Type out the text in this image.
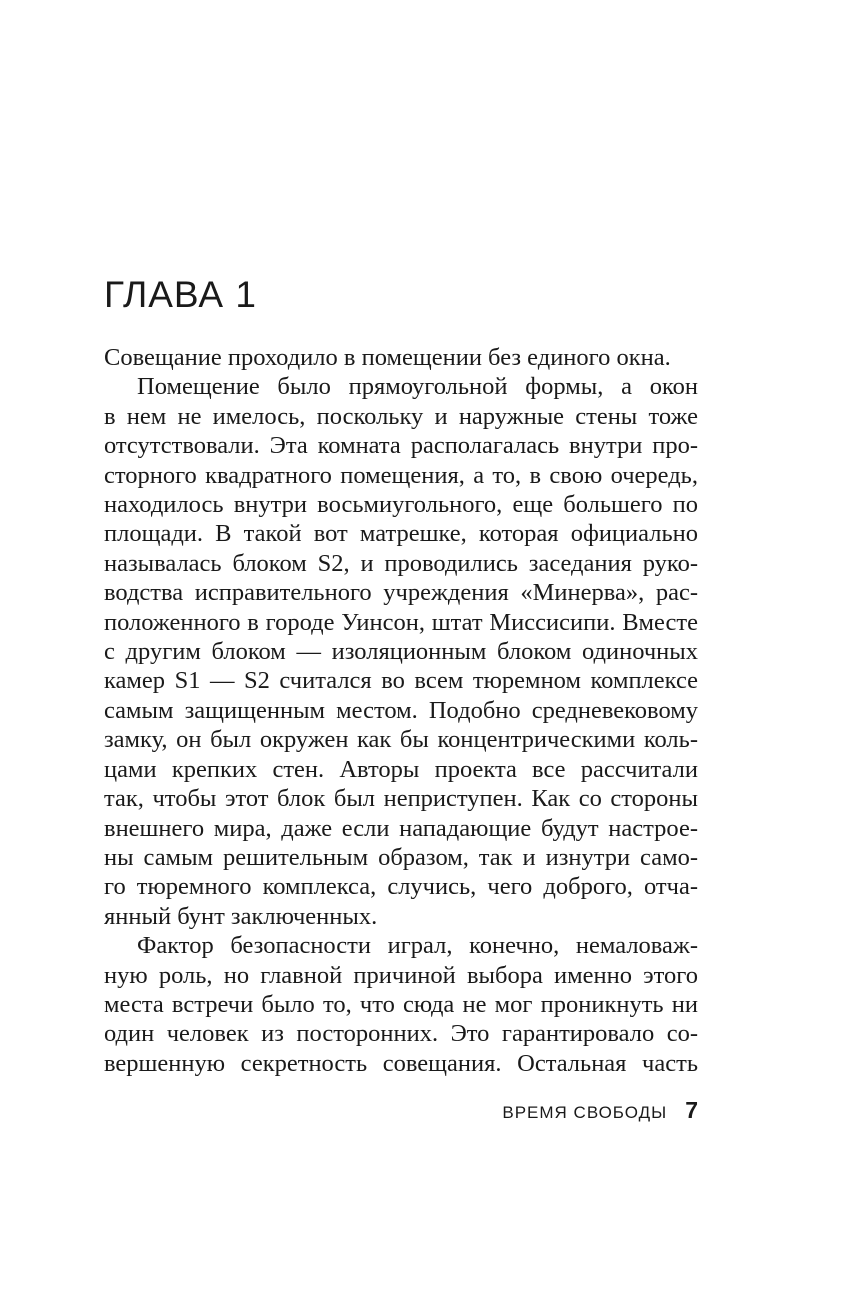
ГЛАВА 1

Совещание проходило в помещении без единого окна.

Помещение было прямоугольной формы, а окон
в нем не имелось, поскольку и наружные стены тоже
отсутствовали. Эта комната располагалась внутри про-
сторного квадратного помещения, а то, в свою очередь,
находилось внутри восьмиугольного, еще большего по
площади. В такой вот матрешке, которая официально
называлась блоком S2, и проводились заседания руко-
водства исправительного учреждения «Минерва», рас-
положенного в городе Уинсон, штат Миссисипи. Вместе
с другим блоком — изоляционным блоком одиночных
камер S1 — S2 считался во всем тюремном комплексе
самым защищенным местом. Подобно средневековому
замку, он был окружен как бы концентрическими коль-
цами крепких стен. Авторы проекта все рассчитали
так, чтобы этот блок был неприступен. Как со стороны
внешнего мира, даже если нападающие будут настрое-
ны самым решительным образом, так и изнутри само-
го тюремного комплекса, случись, чего доброго, отча-
янный бунт заключенных.

Фактор безопасности играл, конечно, немаловаж-
ную роль, но главной причиной выбора именно этого
места встречи было то, что сюда не мог проникнуть ни
один человек из посторонних. Это гарантировало со-
вершенную секретность совещания. Остальная часть

ВРЕМЯ СВОБОДЫ 7
